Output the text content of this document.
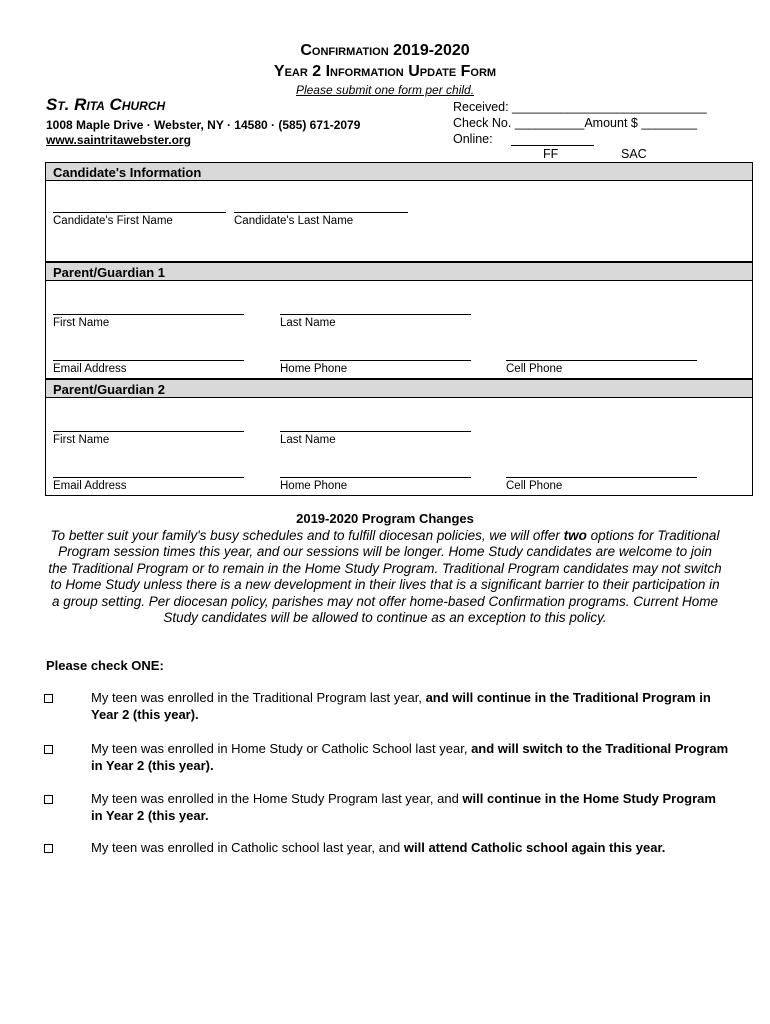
Confirmation 2019-2020
Year 2 Information Update Form
Please submit one form per child.
St. Rita Church
1008 Maple Drive · Webster, NY · 14580 · (585) 671-2079
www.saintritawebster.org
Received: ____________________________
Check No. __________Amount $ ________
Online:
FF	SAC
Candidate's Information
Candidate's First Name	Candidate's Last Name
Parent/Guardian 1
First Name	Last Name
Email Address	Home Phone	Cell Phone
Parent/Guardian 2
First Name	Last Name
Email Address	Home Phone	Cell Phone
2019-2020 Program Changes
To better suit your family's busy schedules and to fulfill diocesan policies, we will offer two options for Traditional Program session times this year, and our sessions will be longer. Home Study candidates are welcome to join the Traditional Program or to remain in the Home Study Program. Traditional Program candidates may not switch to Home Study unless there is a new development in their lives that is a significant barrier to their participation in a group setting. Per diocesan policy, parishes may not offer home-based Confirmation programs. Current Home Study candidates will be allowed to continue as an exception to this policy.
Please check ONE:
My teen was enrolled in the Traditional Program last year, and will continue in the Traditional Program in Year 2 (this year).
My teen was enrolled in Home Study or Catholic School last year, and will switch to the Traditional Program in Year 2 (this year).
My teen was enrolled in the Home Study Program last year, and will continue in the Home Study Program in Year 2 (this year.
My teen was enrolled in Catholic school last year, and will attend Catholic school again this year.
